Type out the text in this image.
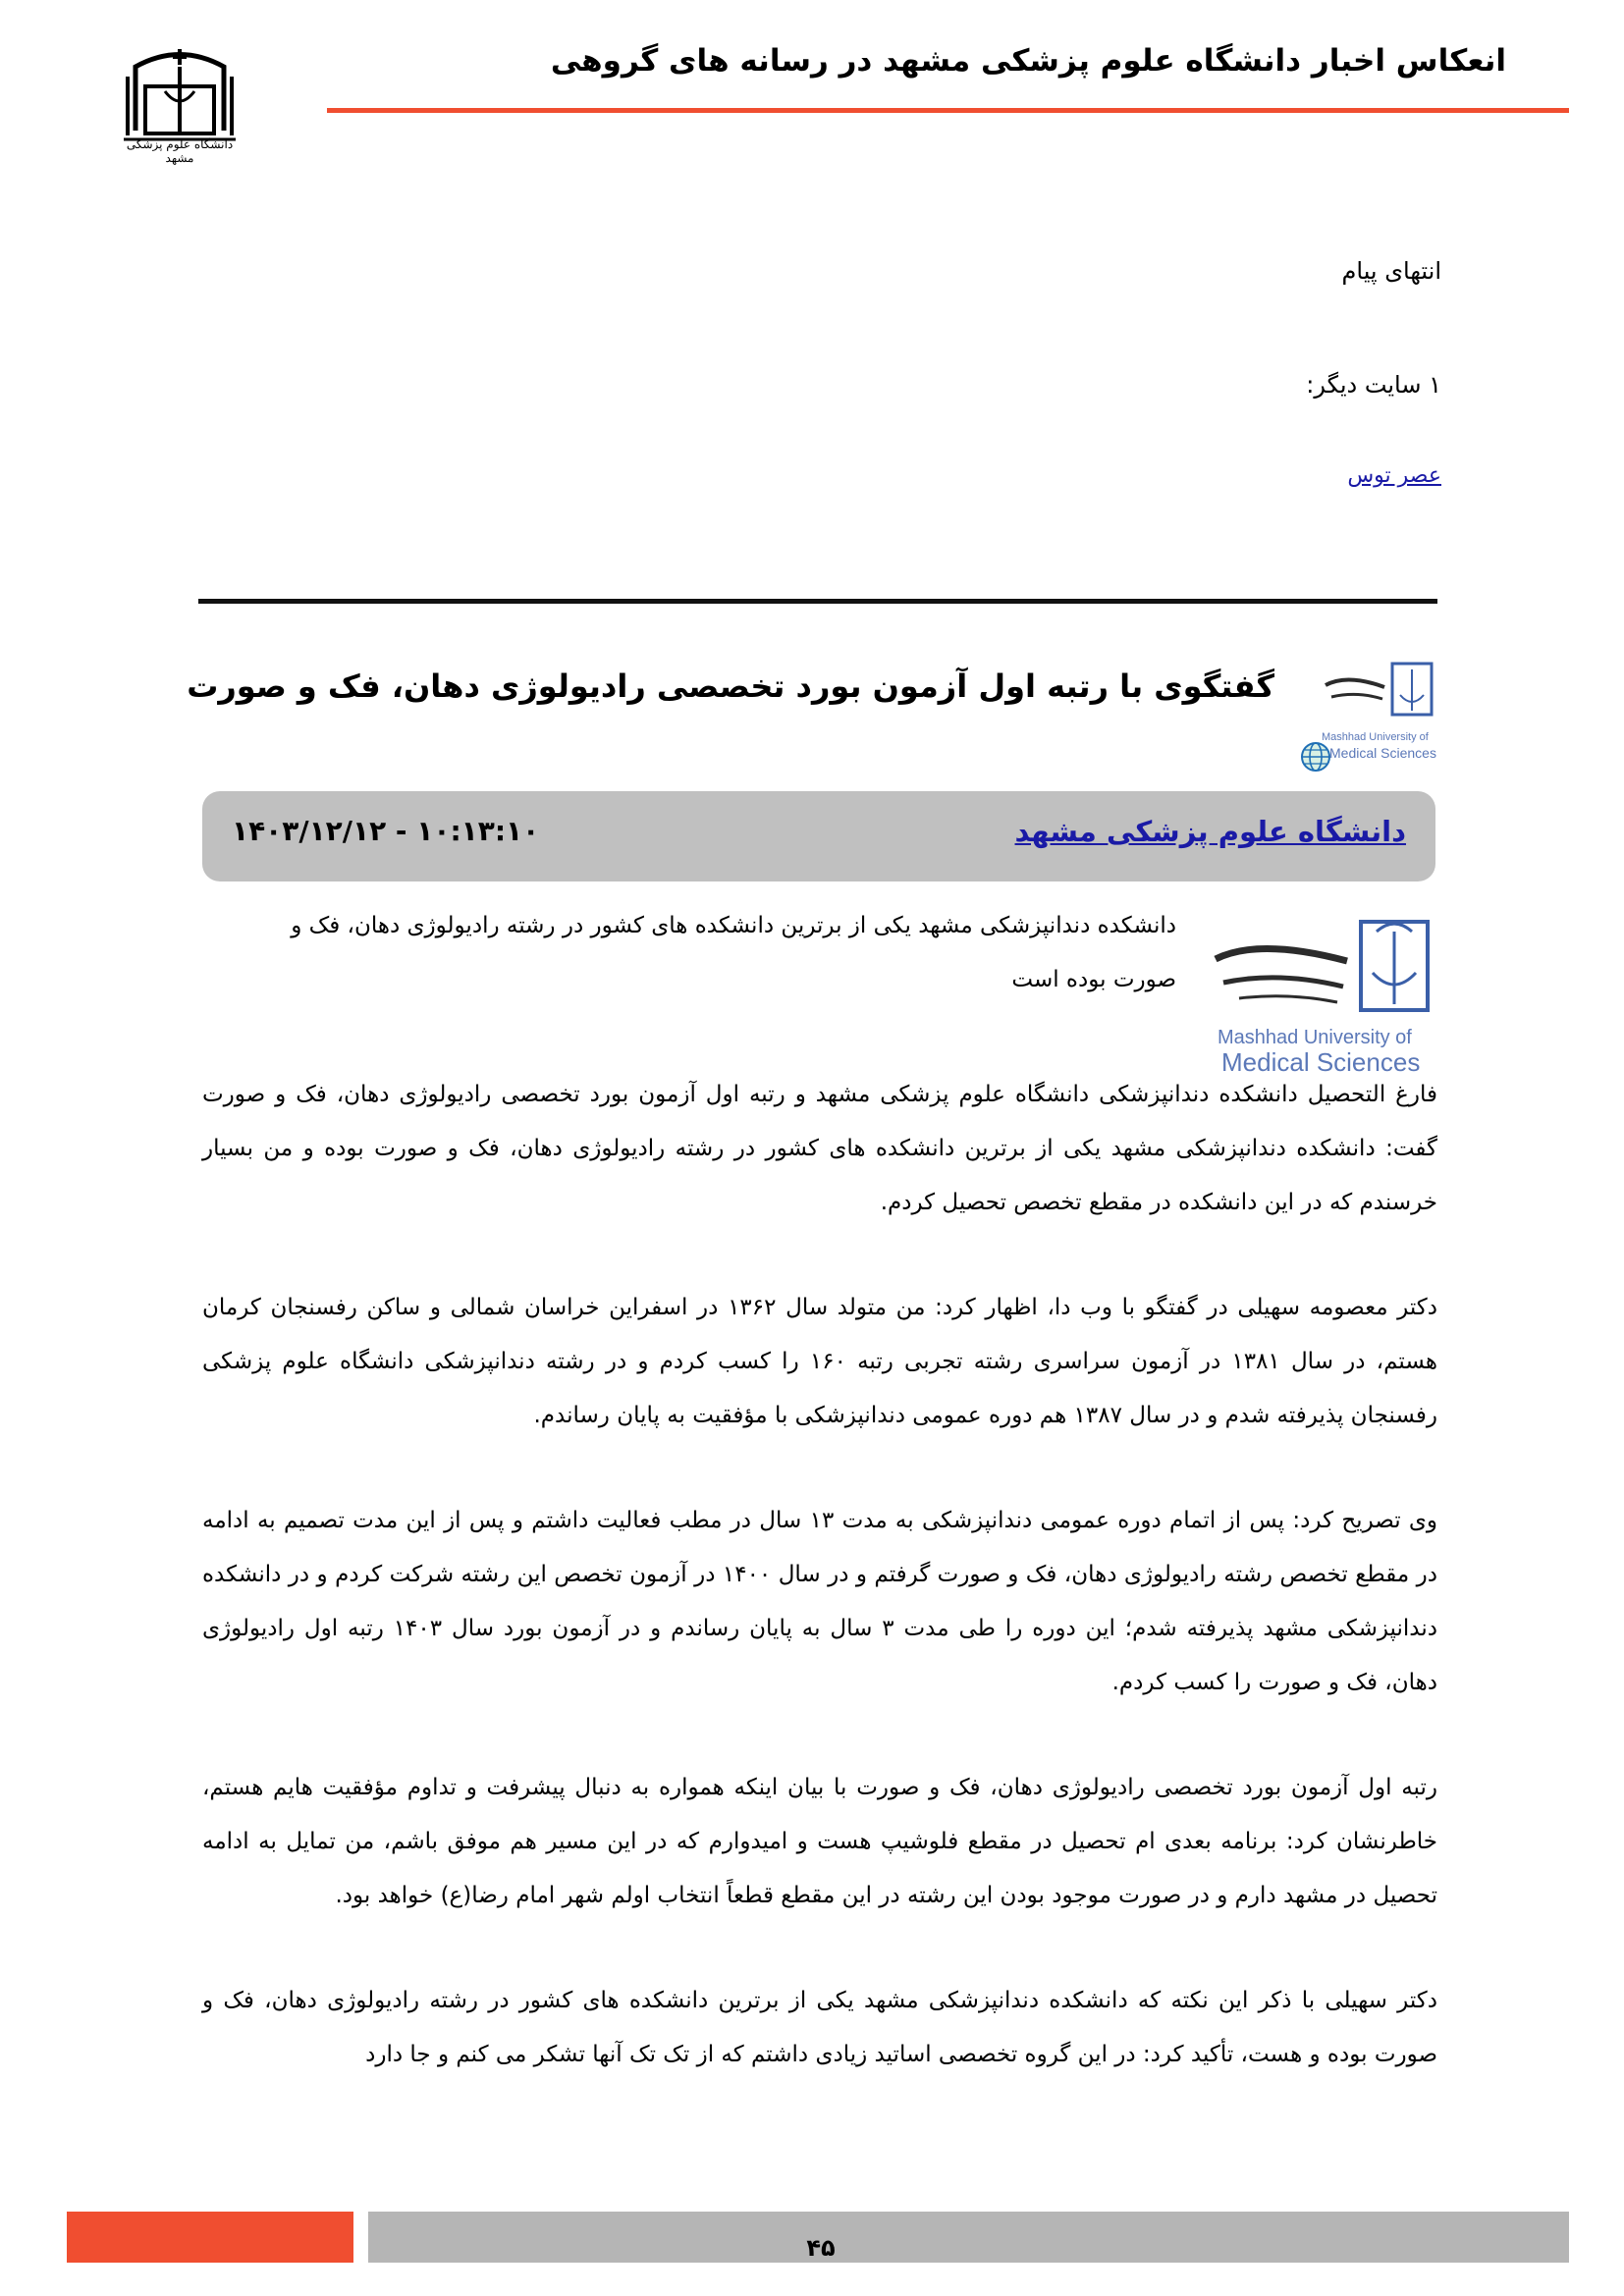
انعکاس اخبار دانشگاه علوم پزشکی مشهد در رسانه های گروهی
دانشگاه علوم پزشکی مشهد
انتهای پیام
۱ سایت دیگر:
عصر توس
گفتگوی با رتبه اول آزمون بورد تخصصی رادیولوژی دهان، فک و صورت
Mashhad University of
Medical Sciences
دانشگاه علوم پزشکی مشهد
۱۴۰۳/۱۲/۱۲ - ۱۰:۱۳:۱۰
Mashhad University of
Medical Sciences
دانشکده دندانپزشکی مشهد یکی از برترین دانشکده های کشور در رشته رادیولوژی دهان، فک و
صورت بوده است

فارغ التحصیل دانشکده دندانپزشکی دانشگاه علوم پزشکی مشهد و رتبه اول آزمون بورد تخصصی رادیولوژی دهان، فک و صورت گفت: دانشکده دندانپزشکی مشهد یکی از برترین دانشکده های کشور در رشته رادیولوژی دهان، فک و صورت بوده و من بسیار خرسندم که در این دانشکده در مقطع تخصص تحصیل کردم.

دکتر معصومه سهیلی در گفتگو با وب دا، اظهار کرد: من متولد سال ۱۳۶۲ در اسفراین خراسان شمالی و ساکن رفسنجان کرمان هستم، در سال ۱۳۸۱ در آزمون سراسری رشته تجربی رتبه ۱۶۰ را کسب کردم و در رشته دندانپزشکی دانشگاه علوم پزشکی رفسنجان پذیرفته شدم و در سال ۱۳۸۷ هم دوره عمومی دندانپزشکی با مؤفقیت به پایان رساندم.

وی تصریح کرد: پس از اتمام دوره عمومی دندانپزشکی به مدت ۱۳ سال در مطب فعالیت داشتم و پس از این مدت تصمیم به ادامه در مقطع تخصص رشته رادیولوژی دهان، فک و صورت گرفتم و در سال ۱۴۰۰ در آزمون تخصص این رشته شرکت کردم و در دانشکده دندانپزشکی مشهد پذیرفته شدم؛ این دوره را طی مدت ۳ سال به پایان رساندم و در آزمون بورد سال ۱۴۰۳ رتبه اول رادیولوژی دهان، فک و صورت را کسب کردم.

رتبه اول آزمون بورد تخصصی رادیولوژی دهان، فک و صورت با بیان اینکه همواره به دنبال پیشرفت و تداوم مؤفقیت هایم هستم، خاطرنشان کرد: برنامه بعدی ام تحصیل در مقطع فلوشیپ هست و امیدوارم که در این مسیر هم موفق باشم، من تمایل به ادامه تحصیل در مشهد دارم و در صورت موجود بودن این رشته در این مقطع قطعاً انتخاب اولم شهر امام رضا(ع) خواهد بود.

دکتر سهیلی با ذکر این نکته که دانشکده دندانپزشکی مشهد یکی از برترین دانشکده های کشور در رشته رادیولوژی دهان، فک و صورت بوده و هست، تأکید کرد: در این گروه تخصصی اساتید زیادی داشتم که از تک تک آنها تشکر می کنم و جا دارد

۴۵
